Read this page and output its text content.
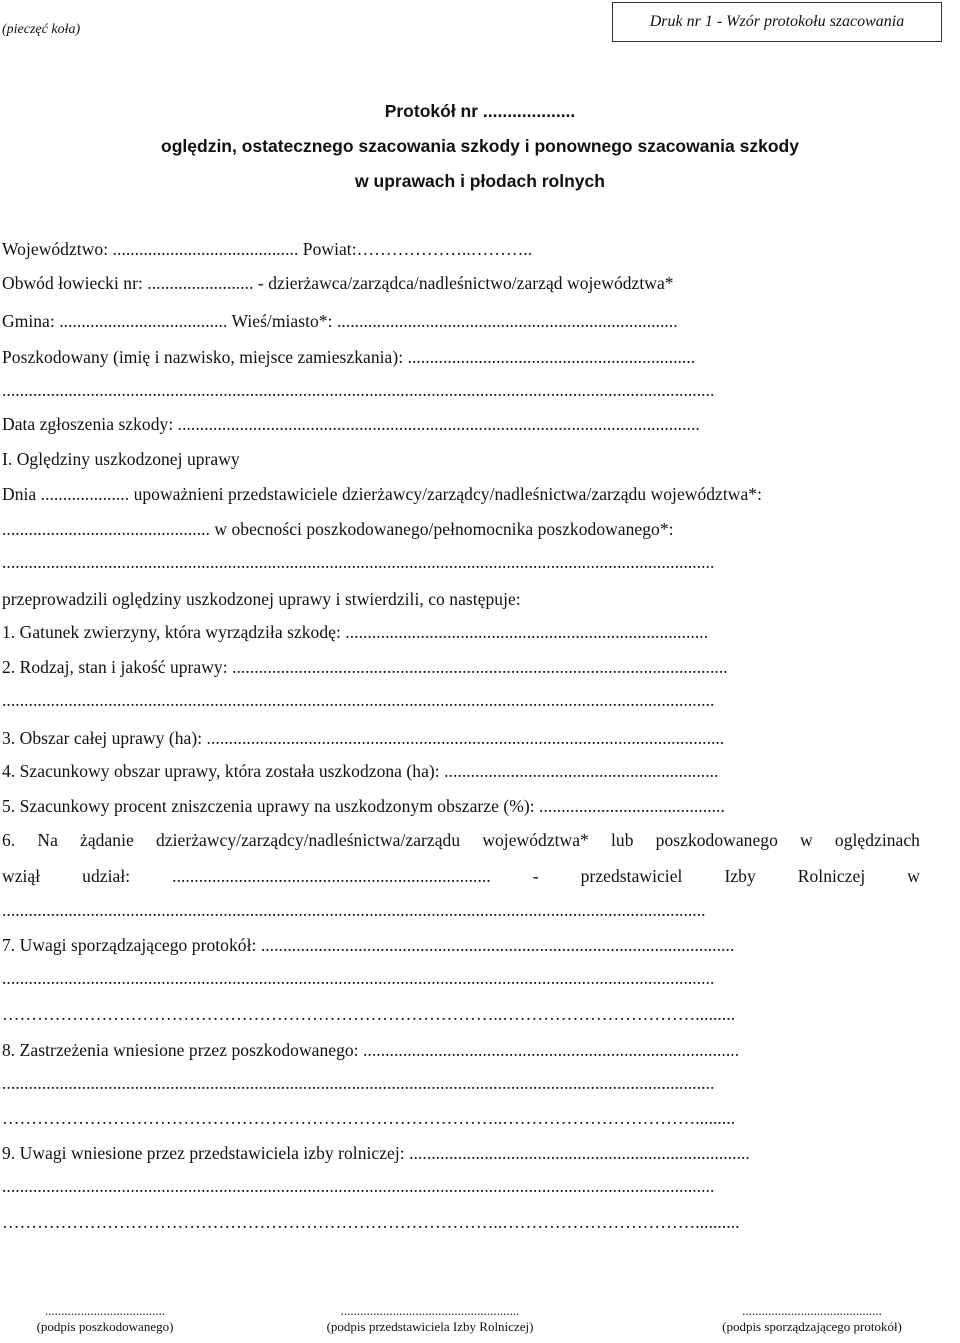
(pieczęć koła)	Druk nr 1 - Wzór protokołu szacowania
Protokół nr ...................
oględzin, ostatecznego szacowania szkody i ponownego szacowania szkody
w uprawach i płodach rolnych
Województwo: .......................................... Powiat:………………..………..
Obwód łowiecki nr: ........................ - dzierżawca/zarządca/nadleśnictwo/zarząd województwa*
Gmina: ...................................... Wieś/miasto*: .............................................................................
Poszkodowany (imię i nazwisko, miejsce zamieszkania): .................................................................
.................................................................................................................................................................
Data zgłoszenia szkody: ......................................................................................................................
I. Oględziny uszkodzonej uprawy
Dnia .................... upoważnieni przedstawiciele dzierżawcy/zarządcy/nadleśnictwa/zarządu województwa*:
............................................... w obecności poszkodowanego/pełnomocnika poszkodowanego*:
.................................................................................................................................................................
przeprowadzili oględziny uszkodzonej uprawy i stwierdzili, co następuje:
1. Gatunek zwierzyny, która wyrządziła szkodę: ..................................................................................
2. Rodzaj, stan i jakość uprawy: ................................................................................................................
.................................................................................................................................................................
3. Obszar całej uprawy (ha): .....................................................................................................................
4. Szacunkowy obszar uprawy, która została uszkodzona (ha): ..............................................................
5. Szacunkowy procent zniszczenia uprawy na uszkodzonym obszarze (%): ..........................................
6. Na żądanie dzierżawcy/zarządcy/nadleśnictwa/zarządu województwa* lub poszkodowanego w oględzinach
wziął udział: ........................................................................ - przedstawiciel Izby Rolniczej w
...............................................................................................................................................................
7. Uwagi sporządzającego protokół: ...........................................................................................................
.................................................................................................................................................................
…………………………………………………………………………..…………………………….........
8. Zastrzeżenia wniesione przez poszkodowanego: .....................................................................................
.................................................................................................................................................................
…………………………………………………………………………..…………………………….........
9. Uwagi wniesione przez przedstawiciela izby rolniczej: .............................................................................
.................................................................................................................................................................
…………………………………………………………………………..……………………………..........
.....................................
(podpis poszkodowanego)
.......................................................
(podpis przedstawiciela Izby Rolniczej)
...........................................
(podpis sporządzającego protokół)
